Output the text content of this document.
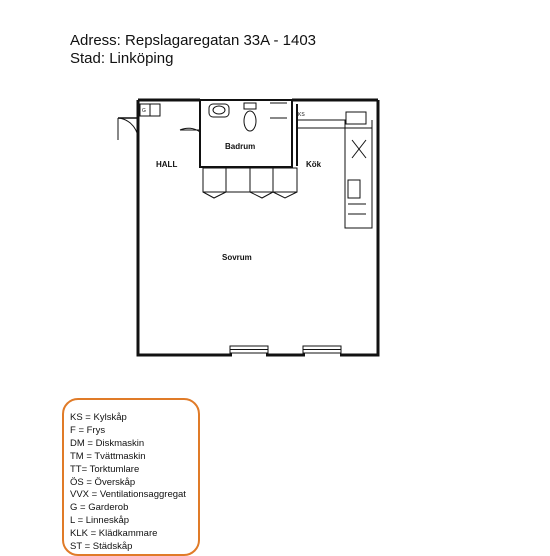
Adress: Repslagaregatan 33A - 1403
Stad: Linköping
Badrum
HALL	Kök
Sovrum
G
KS
KS = Kylskåp
F = Frys
DM = Diskmaskin
TM = Tvättmaskin
TT= Torktumlare
ÖS = Överskåp
VVX = Ventilationsaggregat
G = Garderob
L = Linneskåp
KLK = Klädkammare
ST = Städskåp
